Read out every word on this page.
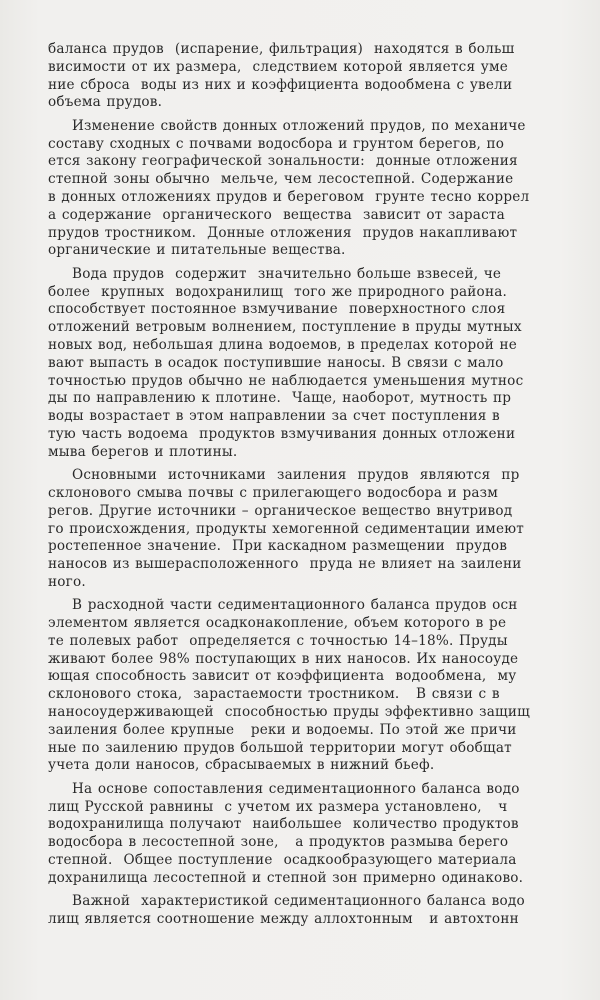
баланса прудов  (испарение, фильтрация)  находятся в больш
висимости от их размера,  следствием которой является уме
ние сброса  воды из них и коэффициента водообмена с увели
объема прудов.
Изменение свойств донных отложений прудов, по механиче
составу сходных с почвами водосбора и грунтом берегов, по
ется закону географической зональности:  донные отложения
степной зоны обычно  мельче, чем лесостепной. Содержание
в донных отложениях прудов и береговом  грунте тесно коррел
а содержание  органического  вещества  зависит от зараста
прудов тростником.  Донные отложения  прудов накапливают
органические и питательные вещества.
Вода прудов  содержит  значительно больше взвесей, че
более  крупных  водохранилищ  того же природного района.
способствует постоянное взмучивание  поверхностного слоя
отложений ветровым волнением, поступление в пруды мутных
новых вод, небольшая длина водоемов, в пределах которой не
вают выпасть в осадок поступившие наносы. В связи с мало
точностью прудов обычно не наблюдается уменьшения мутнос
ды по направлению к плотине.  Чаще, наоборот, мутность пр
воды возрастает в этом направлении за счет поступления в
тую часть водоема  продуктов взмучивания донных отложени
мыва берегов и плотины.
Основными  источниками  заиления  прудов  являются  пр
склонового смыва почвы с прилегающего водосбора и разм
регов. Другие источники – органическое вещество внутривод
го происхождения, продукты хемогенной седиментации имеют
ростепенное значение.  При каскадном размещении  прудов
наносов из вышерасположенного  пруда не влияет на заилени
ного.
В расходной части седиментационного баланса прудов осн
элементом является осадконакопление, объем которого в ре
те полевых работ  определяется с точностью 14–18%. Пруды
живают более 98% поступающих в них наносов. Их наносоуде
ющая способность зависит от коэффициента  водообмена,  му
склонового стока,  зарастаемости тростником.   В связи с в
наносоудерживающей  способностью пруды эффективно защищ
заиления более крупные   реки и водоемы. По этой же причи
ные по заилению прудов большой территории могут обобщат
учета доли наносов, сбрасываемых в нижний бьеф.
На основе сопоставления седиментационного баланса водо
лищ Русской равнины  с учетом их размера установлено,   ч
водохранилища получают  наибольшее  количество продуктов
водосбора в лесостепной зоне,   а продуктов размыва берего
степной.  Общее поступление  осадкообразующего материала
дохранилища лесостепной и степной зон примерно одинаково.
Важной  характеристикой седиментационного баланса водо
лищ является соотношение между аллохтонным   и автохтонн
